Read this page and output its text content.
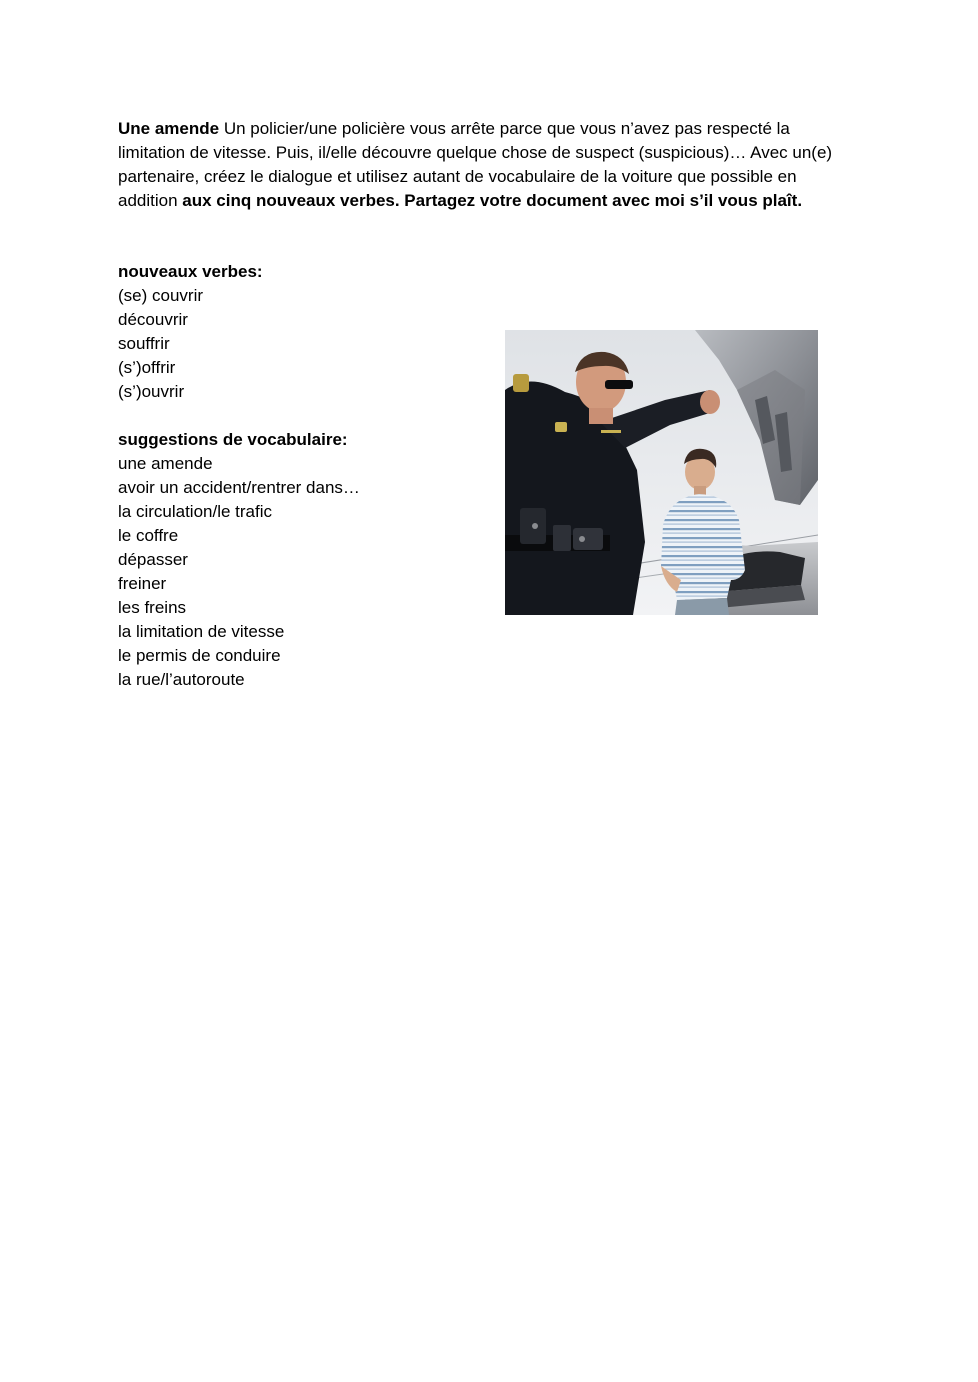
Une amende Un policier/une policière vous arrête parce que vous n’avez pas respecté la limitation de vitesse. Puis, il/elle découvre quelque chose de suspect (suspicious)… Avec un(e) partenaire, créez le dialogue et utilisez autant de vocabulaire de la voiture que possible en addition aux cinq nouveaux verbes. Partagez votre document avec moi s’il vous plaît.

nouveaux verbes:
(se) couvrir
découvrir
souffrir
(s’)offrir
(s’)ouvrir
suggestions de vocabulaire:
une amende
avoir un accident/rentrer dans…
la circulation/le trafic
le coffre
dépasser
freiner
les freins
la limitation de vitesse
le permis de conduire
la rue/l’autoroute
